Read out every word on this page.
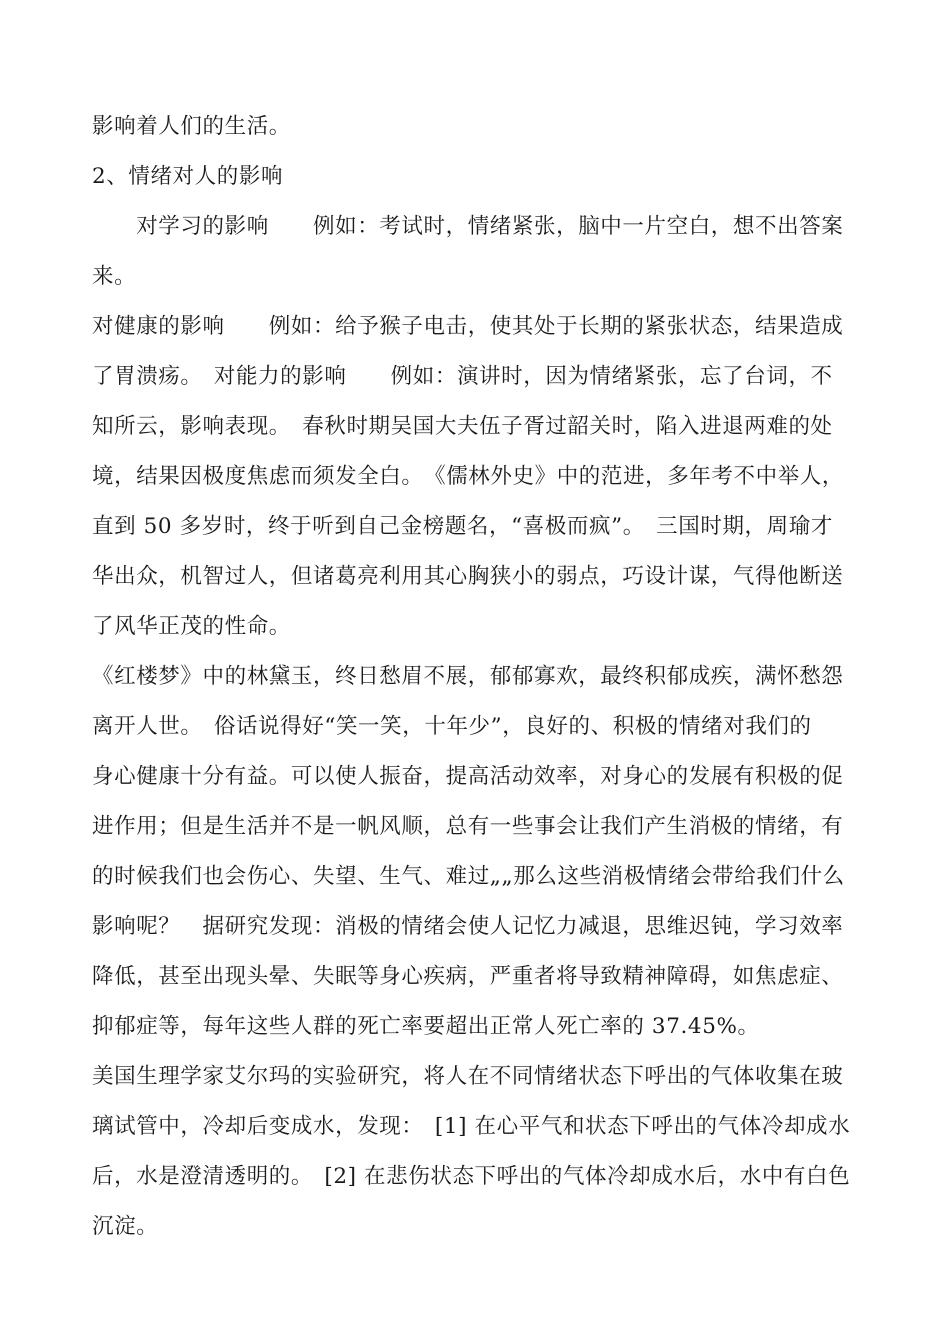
影响着人们的生活。
2、情绪对人的影响
　　对学习的影响　　例如：考试时，情绪紧张，脑中一片空白，想不出答案
来。
对健康的影响　　例如：给予猴子电击，使其处于长期的紧张状态，结果造成
了胃溃疡。　对能力的影响　　例如：演讲时，因为情绪紧张，忘了台词，不
知所云，影响表现。　春秋时期吴国大夫伍子胥过韶关时，陷入进退两难的处
境，结果因极度焦虑而须发全白。　《儒林外史》中的范进，多年考不中举人，
直到 50 多岁时，终于听到自己金榜题名，“喜极而疯”。　三国时期，周瑜才
华出众，机智过人，但诸葛亮利用其心胸狭小的弱点，巧设计谋，气得他断送
了风华正茂的性命。
《红楼梦》中的林黛玉，终日愁眉不展，郁郁寡欢，最终积郁成疾，满怀愁怨
离开人世。　俗话说得好“笑一笑，十年少”，良好的、积极的情绪对我们的
身心健康十分有益。可以使人振奋，提高活动效率，对身心的发展有积极的促
进作用；但是生活并不是一帆风顺，总有一些事会让我们产生消极的情绪，有
的时候我们也会伤心、失望、生气、难过„„那么这些消极情绪会带给我们什么
影响呢？　据研究发现：消极的情绪会使人记忆力减退，思维迟钝，学习效率
降低，甚至出现头晕、失眠等身心疾病，严重者将导致精神障碍，如焦虑症、
抑郁症等，每年这些人群的死亡率要超出正常人死亡率的 37.45%。
美国生理学家艾尔玛的实验研究，将人在不同情绪状态下呼出的气体收集在玻
璃试管中，冷却后变成水，发现：　[1] 在心平气和状态下呼出的气体冷却成水
后，水是澄清透明的。　[2] 在悲伤状态下呼出的气体冷却成水后，水中有白色
沉淀。
